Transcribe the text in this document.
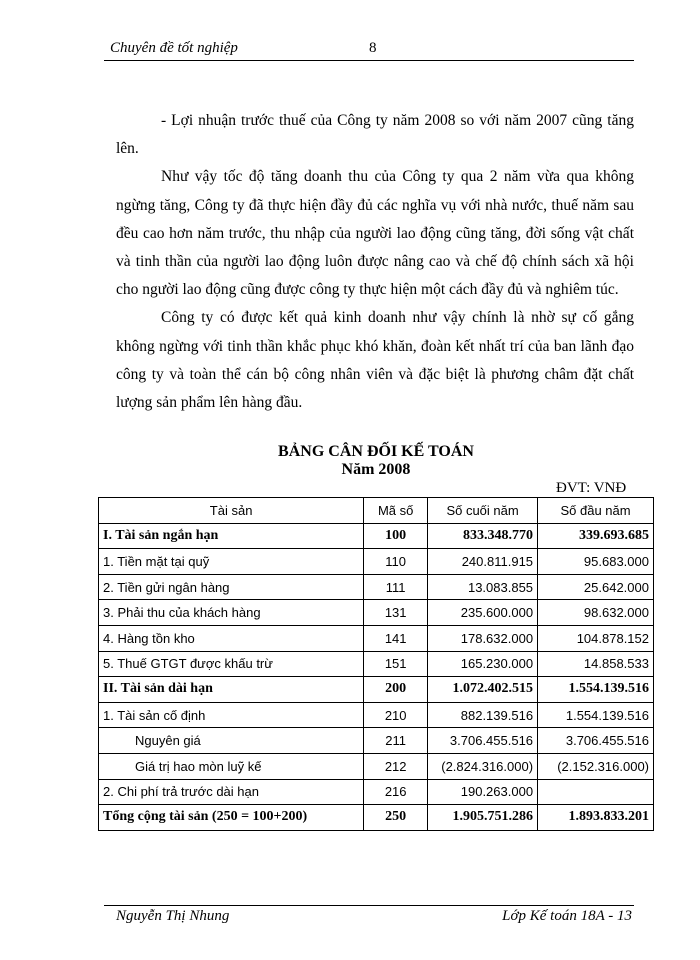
Chuyên đề tốt nghiệp	8

- Lợi nhuận trước thuế của Công ty năm 2008 so với năm 2007 cũng tăng lên.

Như vậy tốc độ tăng doanh thu của Công ty qua 2 năm vừa qua không ngừng tăng, Công ty đã thực hiện đầy đủ các nghĩa vụ với nhà nước, thuế năm sau đều cao hơn năm trước, thu nhập của người lao động cũng tăng, đời sống vật chất và tinh thần của người lao động luôn được nâng cao và chế độ chính sách xã hội cho người lao động cũng được công ty thực hiện một cách đầy đủ và nghiêm túc.

Công ty có được kết quả kinh doanh như vậy chính là nhờ sự cố gắng không ngừng với tinh thần khắc phục khó khăn, đoàn kết nhất trí của ban lãnh đạo công ty và toàn thể cán bộ công nhân viên và đặc biệt là phương châm đặt chất lượng sản phẩm lên hàng đầu.

BẢNG CÂN ĐỐI KẾ TOÁN
Năm 2008
ĐVT: VNĐ
Tài sản	Mã số	Số cuối năm	Số đầu năm
I. Tài sản ngắn hạn	100	833.348.770	339.693.685
1. Tiền mặt tại quỹ	110	240.811.915	95.683.000
2. Tiền gửi ngân hàng	111	13.083.855	25.642.000
3. Phải thu của khách hàng	131	235.600.000	98.632.000
4. Hàng tồn kho	141	178.632.000	104.878.152
5. Thuế GTGT được khấu trừ	151	165.230.000	14.858.533
II. Tài sản dài hạn	200	1.072.402.515	1.554.139.516
1. Tài sản cố định	210	882.139.516	1.554.139.516
Nguyên giá	211	3.706.455.516	3.706.455.516
Giá trị hao mòn luỹ kế	212	(2.824.316.000)	(2.152.316.000)
2. Chi phí trả trước dài hạn	216	190.263.000	
Tổng cộng tài sản (250 = 100+200)	250	1.905.751.286	1.893.833.201
Nguyễn Thị Nhung	Lớp Kế toán 18A - 13
